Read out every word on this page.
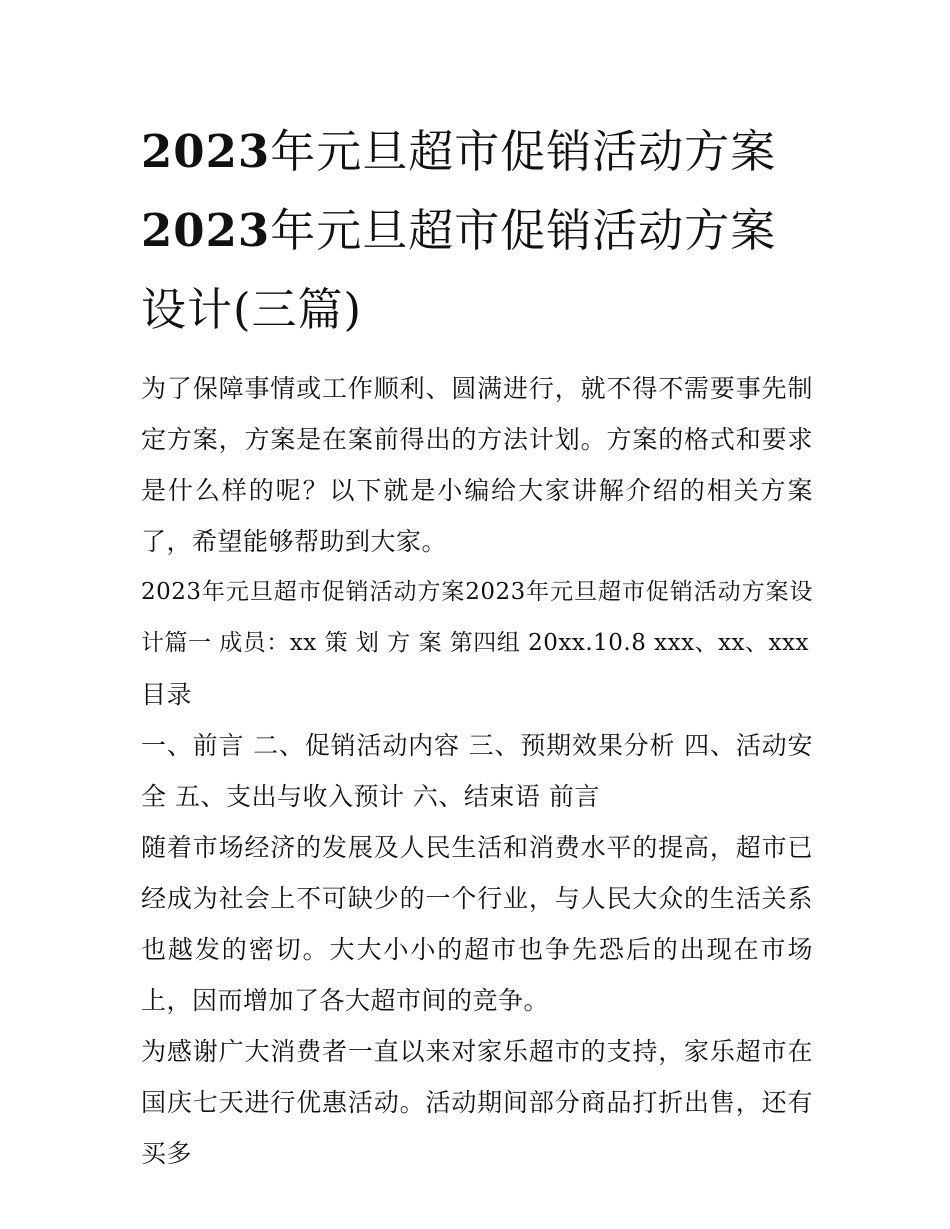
2023年元旦超市促销活动方案
2023年元旦超市促销活动方案
设计(三篇)

为了保障事情或工作顺利、圆满进行，就不得不需要事先制定方案，方案是在案前得出的方法计划。方案的格式和要求是什么样的呢？以下就是小编给大家讲解介绍的相关方案了，希望能够帮助到大家。

2023年元旦超市促销活动方案2023年元旦超市促销活动方案设计篇一 成员：xx 策 划 方 案 第四组 20xx.10.8 xxx、xx、xxx

目录

一、前言 二、促销活动内容 三、预期效果分析 四、活动安全 五、支出与收入预计 六、结束语 前言

随着市场经济的发展及人民生活和消费水平的提高，超市已经成为社会上不可缺少的一个行业，与人民大众的生活关系也越发的密切。大大小小的超市也争先恐后的出现在市场上，因而增加了各大超市间的竞争。

为感谢广大消费者一直以来对家乐超市的支持，家乐超市在国庆七天进行优惠活动。活动期间部分商品打折出售，还有买多
